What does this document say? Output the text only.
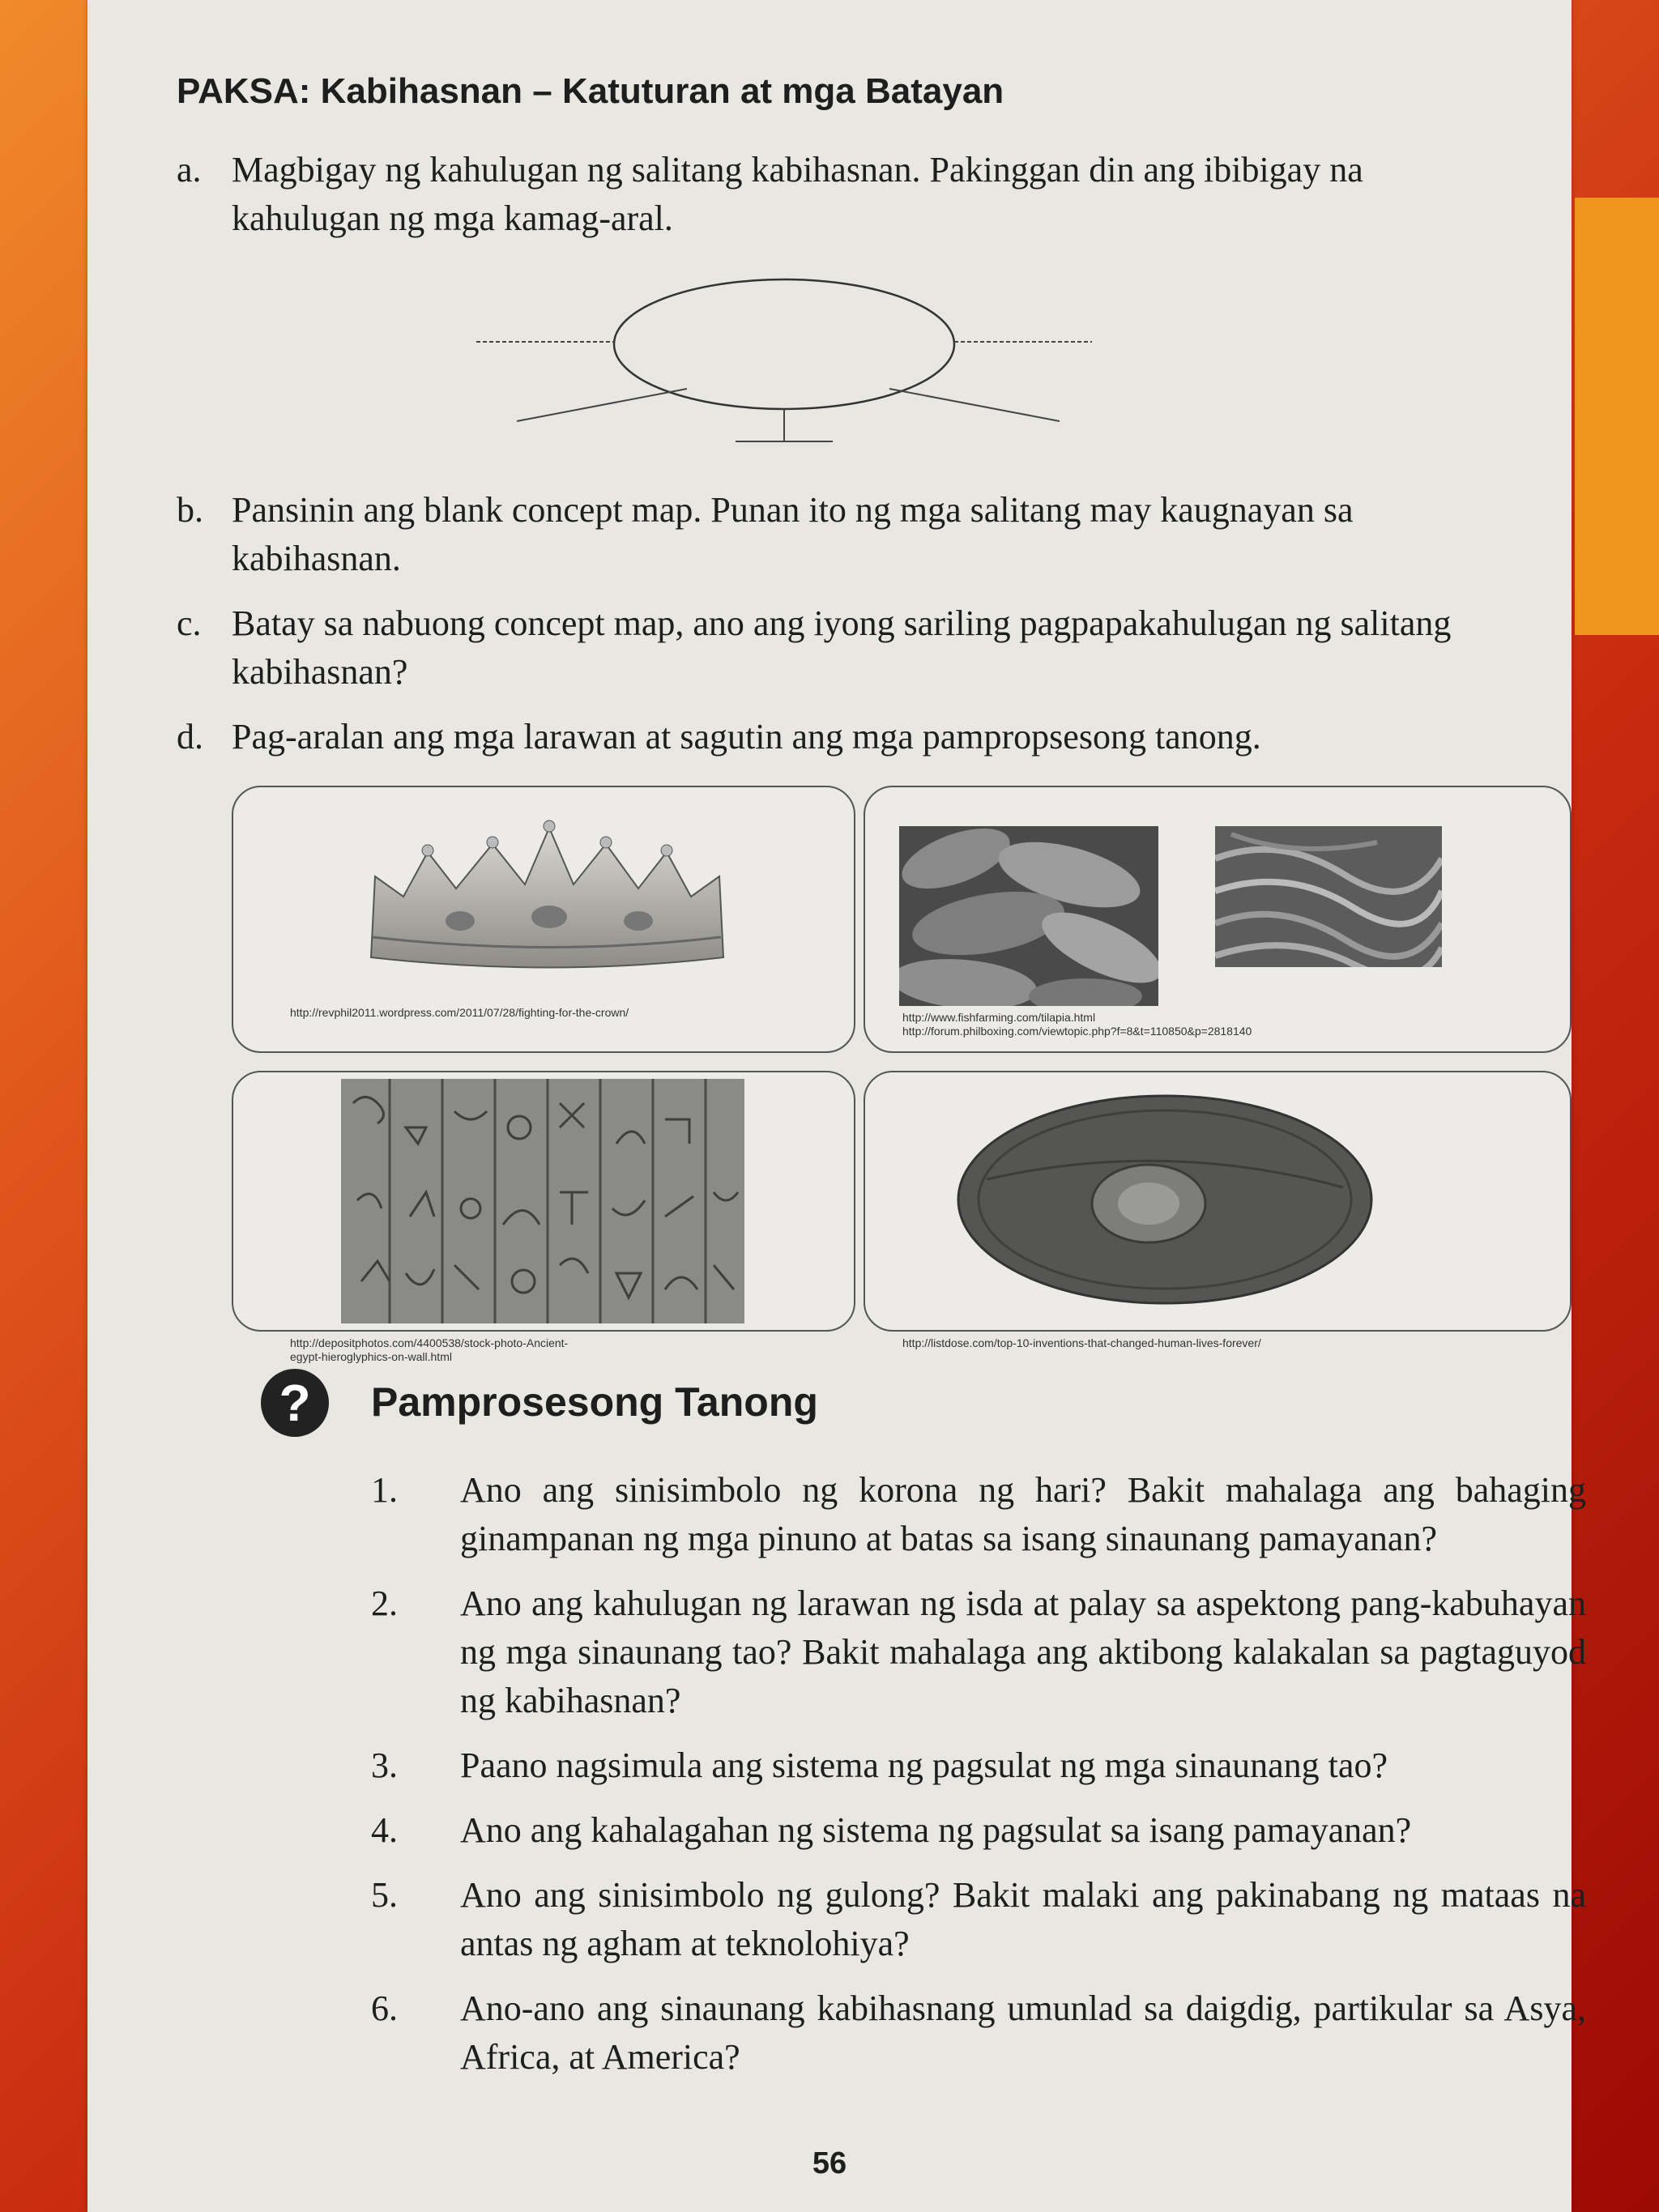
PAKSA: Kabihasnan – Katuturan at mga Batayan
a. Magbigay ng kahulugan ng salitang kabihasnan. Pakinggan din ang ibibigay na kahulugan ng mga kamag-aral.
b. Pansinin ang blank concept map. Punan ito ng mga salitang may kaugnayan sa kabihasnan.
c. Batay sa nabuong concept map, ano ang iyong sariling pagpapakahulugan ng salitang kabihasnan?
d. Pag-aralan ang mga larawan at sagutin ang mga pampropsesong tanong.
http://revphil2011.wordpress.com/2011/07/28/fighting-for-the-crown/	http://www.fishfarming.com/tilapia.html
http://forum.philboxing.com/viewtopic.php?f=8&t=110850&p=2818140
http://depositphotos.com/4400538/stock-photo-Ancient-
egypt-hieroglyphics-on-wall.html
http://listdose.com/top-10-inventions-that-changed-human-lives-forever/
?	Pamprosesong Tanong
1. Ano ang sinisimbolo ng korona ng hari? Bakit mahalaga ang bahaging ginampanan ng mga pinuno at batas sa isang sinaunang pamayanan?
2. Ano ang kahulugan ng larawan ng isda at palay sa aspektong pang-kabuhayan ng mga sinaunang tao? Bakit mahalaga ang aktibong kalakalan sa pagtaguyod ng kabihasnan?
3. Paano nagsimula ang sistema ng pagsulat ng mga sinaunang tao?
4. Ano ang kahalagahan ng sistema ng pagsulat sa isang pamayanan?
5. Ano ang sinisimbolo ng gulong? Bakit malaki ang pakinabang ng mataas na antas ng agham at teknolohiya?
6. Ano-ano ang sinaunang kabihasnang umunlad sa daigdig, partikular sa Asya, Africa, at America?
56
